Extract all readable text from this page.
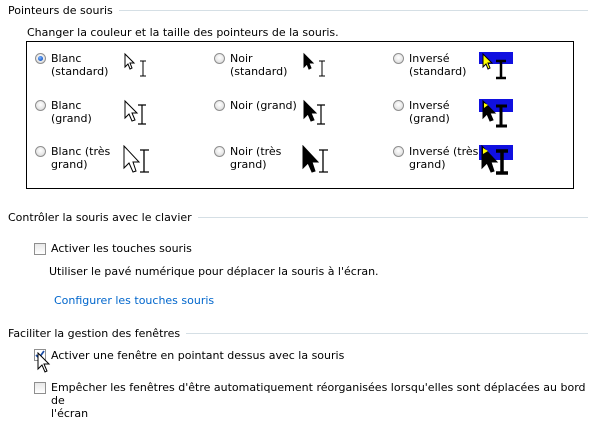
Pointeurs de souris
Changer la couleur et la taille des pointeurs de la souris.
Blanc
(standard)
Noir
(standard)
Inversé
(standard)
Blanc
(grand)
Noir (grand)	Inversé
(grand)
Blanc (très
grand)
Noir (très
grand)
Inversé (très
grand)
Contrôler la souris avec le clavier
Activer les touches souris
Utiliser le pavé numérique pour déplacer la souris à l'écran.
Configurer les touches souris
Faciliter la gestion des fenêtres
Activer une fenêtre en pointant dessus avec la souris
Empêcher les fenêtres d'être automatiquement réorganisées lorsqu'elles sont déplacées au bord de
l'écran
